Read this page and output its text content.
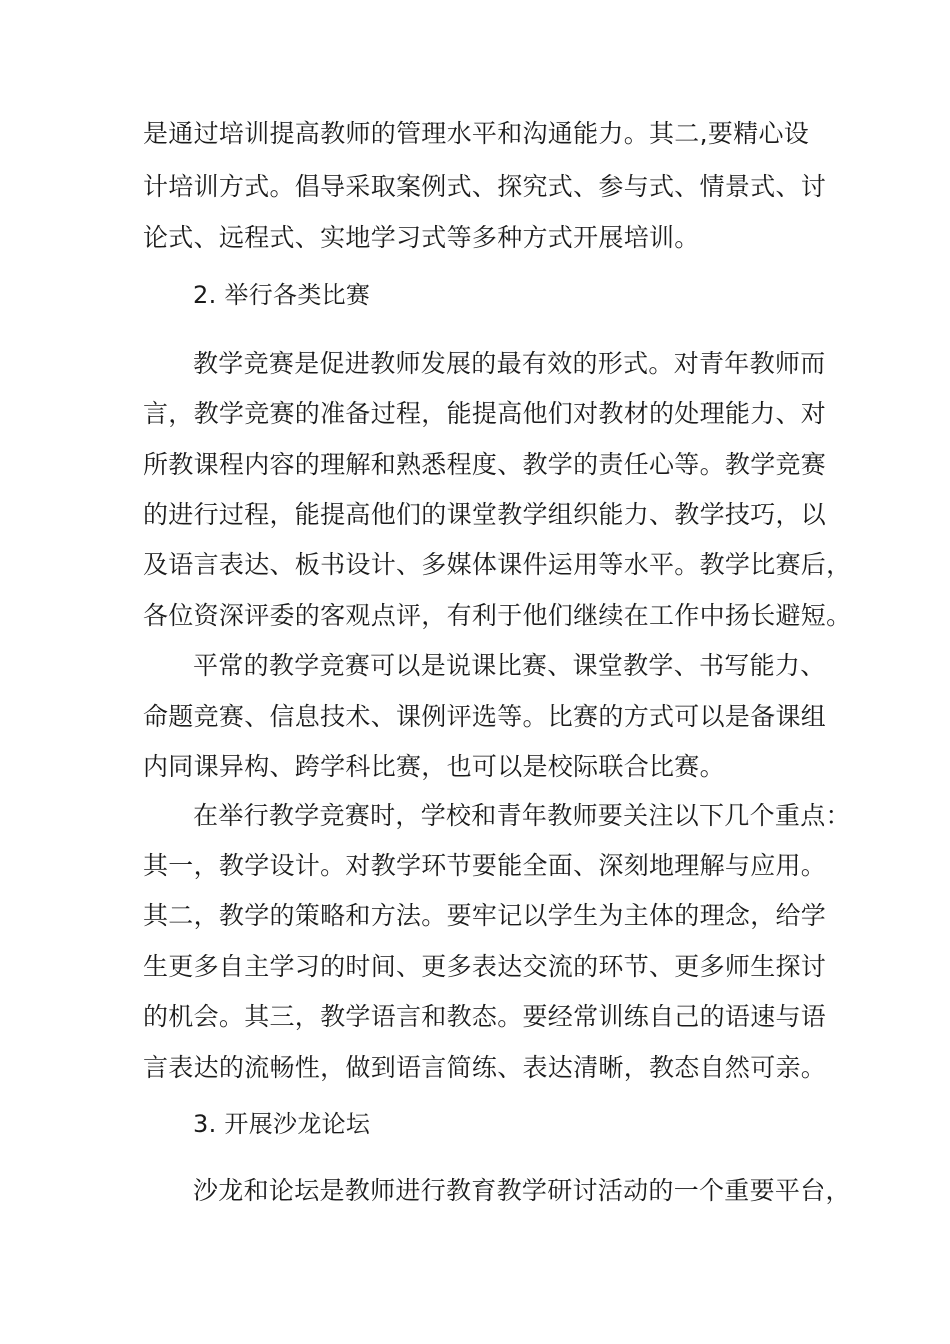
是通过培训提高教师的管理水平和沟通能力。其二,要精心设

计培训方式。倡导采取案例式、探究式、参与式、情景式、讨

论式、远程式、实地学习式等多种方式开展培训。

2. 举行各类比赛

教学竞赛是促进教师发展的最有效的形式。对青年教师而

言，教学竞赛的准备过程，能提高他们对教材的处理能力、对

所教课程内容的理解和熟悉程度、教学的责任心等。教学竞赛

的进行过程，能提高他们的课堂教学组织能力、教学技巧，以

及语言表达、板书设计、多媒体课件运用等水平。教学比赛后，

各位资深评委的客观点评，有利于他们继续在工作中扬长避短。

平常的教学竞赛可以是说课比赛、课堂教学、书写能力、

命题竞赛、信息技术、课例评选等。比赛的方式可以是备课组

内同课异构、跨学科比赛，也可以是校际联合比赛。

在举行教学竞赛时，学校和青年教师要关注以下几个重点：

其一，教学设计。对教学环节要能全面、深刻地理解与应用。

其二，教学的策略和方法。要牢记以学生为主体的理念，给学

生更多自主学习的时间、更多表达交流的环节、更多师生探讨

的机会。其三，教学语言和教态。要经常训练自己的语速与语

言表达的流畅性，做到语言简练、表达清晰，教态自然可亲。

3. 开展沙龙论坛

沙龙和论坛是教师进行教育教学研讨活动的一个重要平台，
